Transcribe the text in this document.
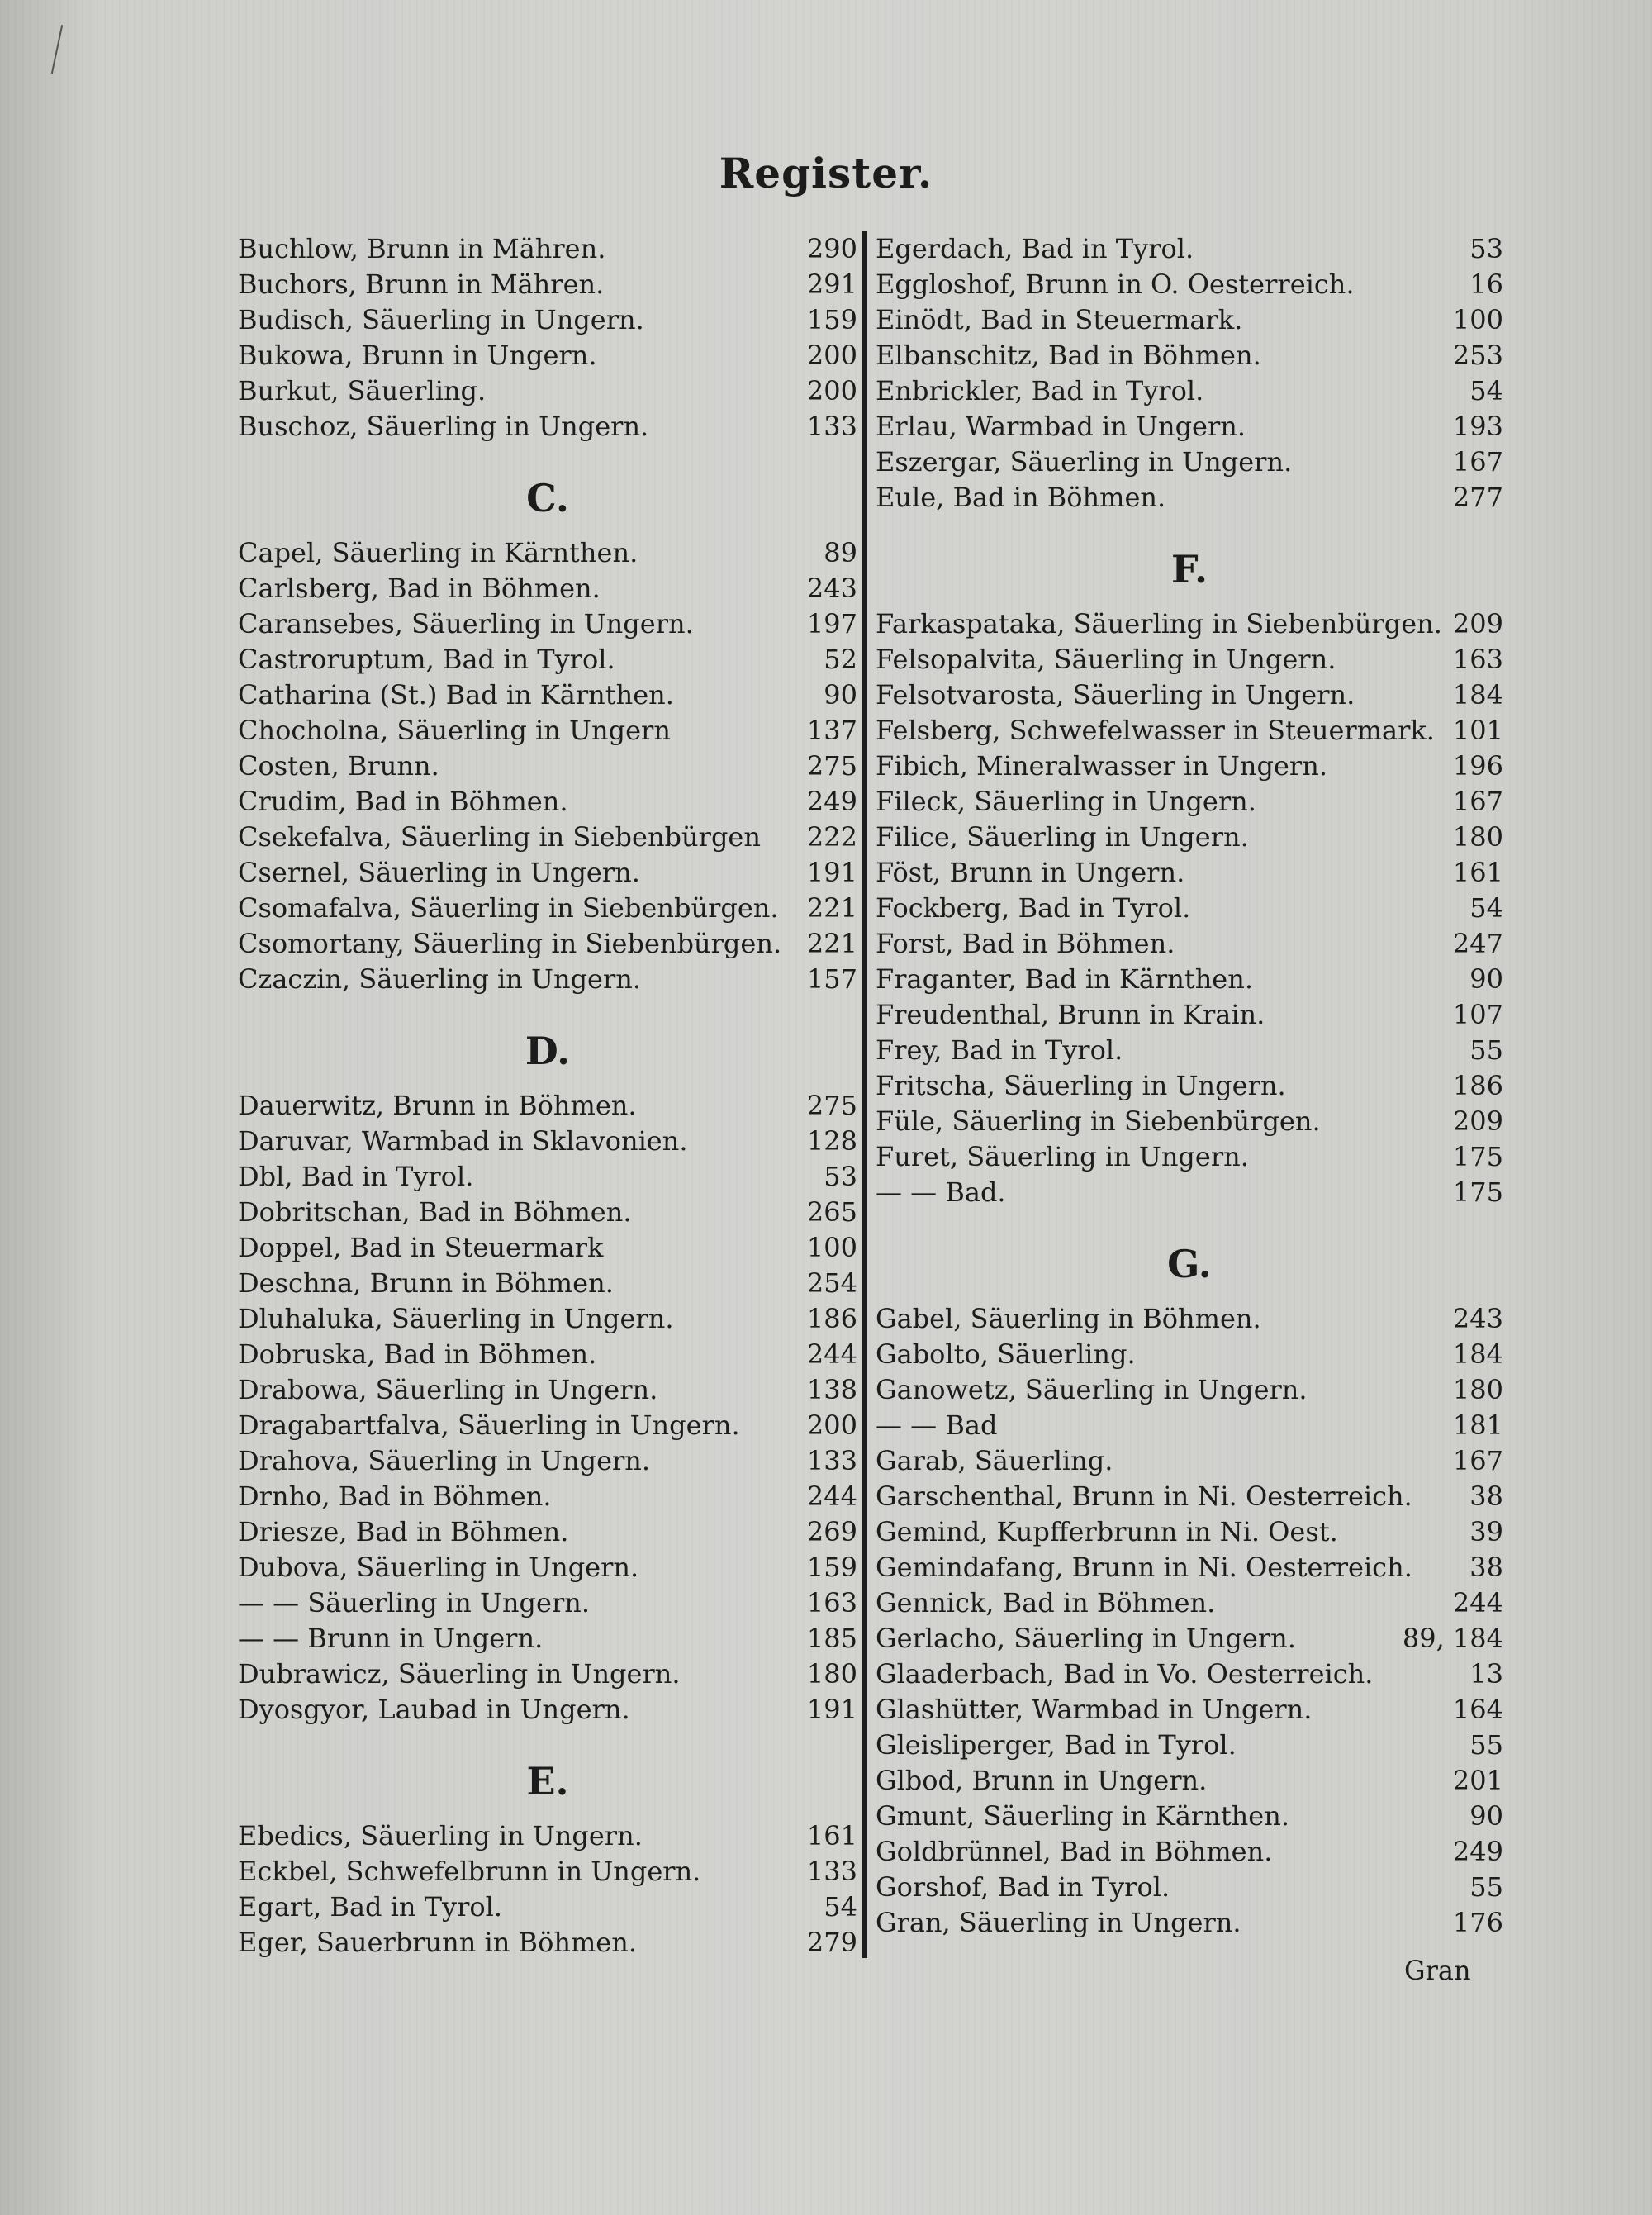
Register.
Buchlow, Brunn in Mähren.	290
Buchors, Brunn in Mähren.	291
Budisch, Säuerling in Ungern.	159
Bukowa, Brunn in Ungern.	200
Burkut, Säuerling.	200
Buschoz, Säuerling in Ungern.	133
C.
Capel, Säuerling in Kärnthen.	89
Carlsberg, Bad in Böhmen.	243
Caransebes, Säuerling in Ungern.	197
Castroruptum, Bad in Tyrol.	52
Catharina (St.) Bad in Kärnthen.	90
Chocholna, Säuerling in Ungern	137
Costen, Brunn.	275
Crudim, Bad in Böhmen.	249
Csekefalva, Säuerling in Siebenbürgen 222
Csernel, Säuerling in Ungern.	191
Csomafalva, Säuerling in Siebenbürgen. 221
Csomortany, Säuerling in Siebenbürgen. 221
Czaczin, Säuerling in Ungern.	157
D.
Dauerwitz, Brunn in Böhmen.	275
Daruvar, Warmbad in Sklavonien.	128
Dbl, Bad in Tyrol.	53
Dobritschan, Bad in Böhmen.	265
Doppel, Bad in Steuermark	100
Deschna, Brunn in Böhmen.	254
Dluhaluka, Säuerling in Ungern.	186
Dobruska, Bad in Böhmen.	244
Drabowa, Säuerling in Ungern.	138
Dragabartfalva, Säuerling in Ungern.	200
Drahova, Säuerling in Ungern.	133
Drnho, Bad in Böhmen.	244
Driesze, Bad in Böhmen.	269
Dubova, Säuerling in Ungern.	159
— — Säuerling in Ungern.	163
— — Brunn in Ungern.	185
Dubrawicz, Säuerling in Ungern.	180
Dyosgyor, Laubad in Ungern.	191
E.
Ebedics, Säuerling in Ungern.	161
Eckbel, Schwefelbrunn in Ungern.	133
Egart, Bad in Tyrol.	54
Eger, Sauerbrunn in Böhmen.	279
Egerdach, Bad in Tyrol.	53
Eggloshof, Brunn in O. Oesterreich.	16
Einödt, Bad in Steuermark.	100
Elbanschitz, Bad in Böhmen.	253
Enbrickler, Bad in Tyrol.	54
Erlau, Warmbad in Ungern.	193
Eszergar, Säuerling in Ungern.	167
Eule, Bad in Böhmen.	277
F.
Farkaspataka, Säuerling in Siebenbürgen. 209
Felsopalvita, Säuerling in Ungern.	163
Felsotvarosta, Säuerling in Ungern.	184
Felsberg, Schwefelwasser in Steuermark. 101
Fibich, Mineralwasser in Ungern.	196
Fileck, Säuerling in Ungern.	167
Filice, Säuerling in Ungern.	180
Föst, Brunn in Ungern.	161
Fockberg, Bad in Tyrol.	54
Forst, Bad in Böhmen.	247
Fraganter, Bad in Kärnthen.	90
Freudenthal, Brunn in Krain.	107
Frey, Bad in Tyrol.	55
Fritscha, Säuerling in Ungern.	186
Füle, Säuerling in Siebenbürgen.	209
Furet, Säuerling in Ungern.	175
— — Bad.	175
G.
Gabel, Säuerling in Böhmen.	243
Gabolto, Säuerling.	184
Ganowetz, Säuerling in Ungern.	180
— — Bad	181
Garab, Säuerling.	167
Garschenthal, Brunn in Ni. Oesterreich. 38
Gemind, Kupfferbrunn in Ni. Oest.	39
Gemindafang, Brunn in Ni. Oesterreich. 38
Gennick, Bad in Böhmen.	244
Gerlacho, Säuerling in Ungern.	89, 184
Glaaderbach, Bad in Vo. Oesterreich.	13
Glashütter, Warmbad in Ungern.	164
Gleisliperger, Bad in Tyrol.	55
Glbod, Brunn in Ungern.	201
Gmunt, Säuerling in Kärnthen.	90
Goldbrünnel, Bad in Böhmen.	249
Gorshof, Bad in Tyrol.	55
Gran, Säuerling in Ungern.	176
Gran
